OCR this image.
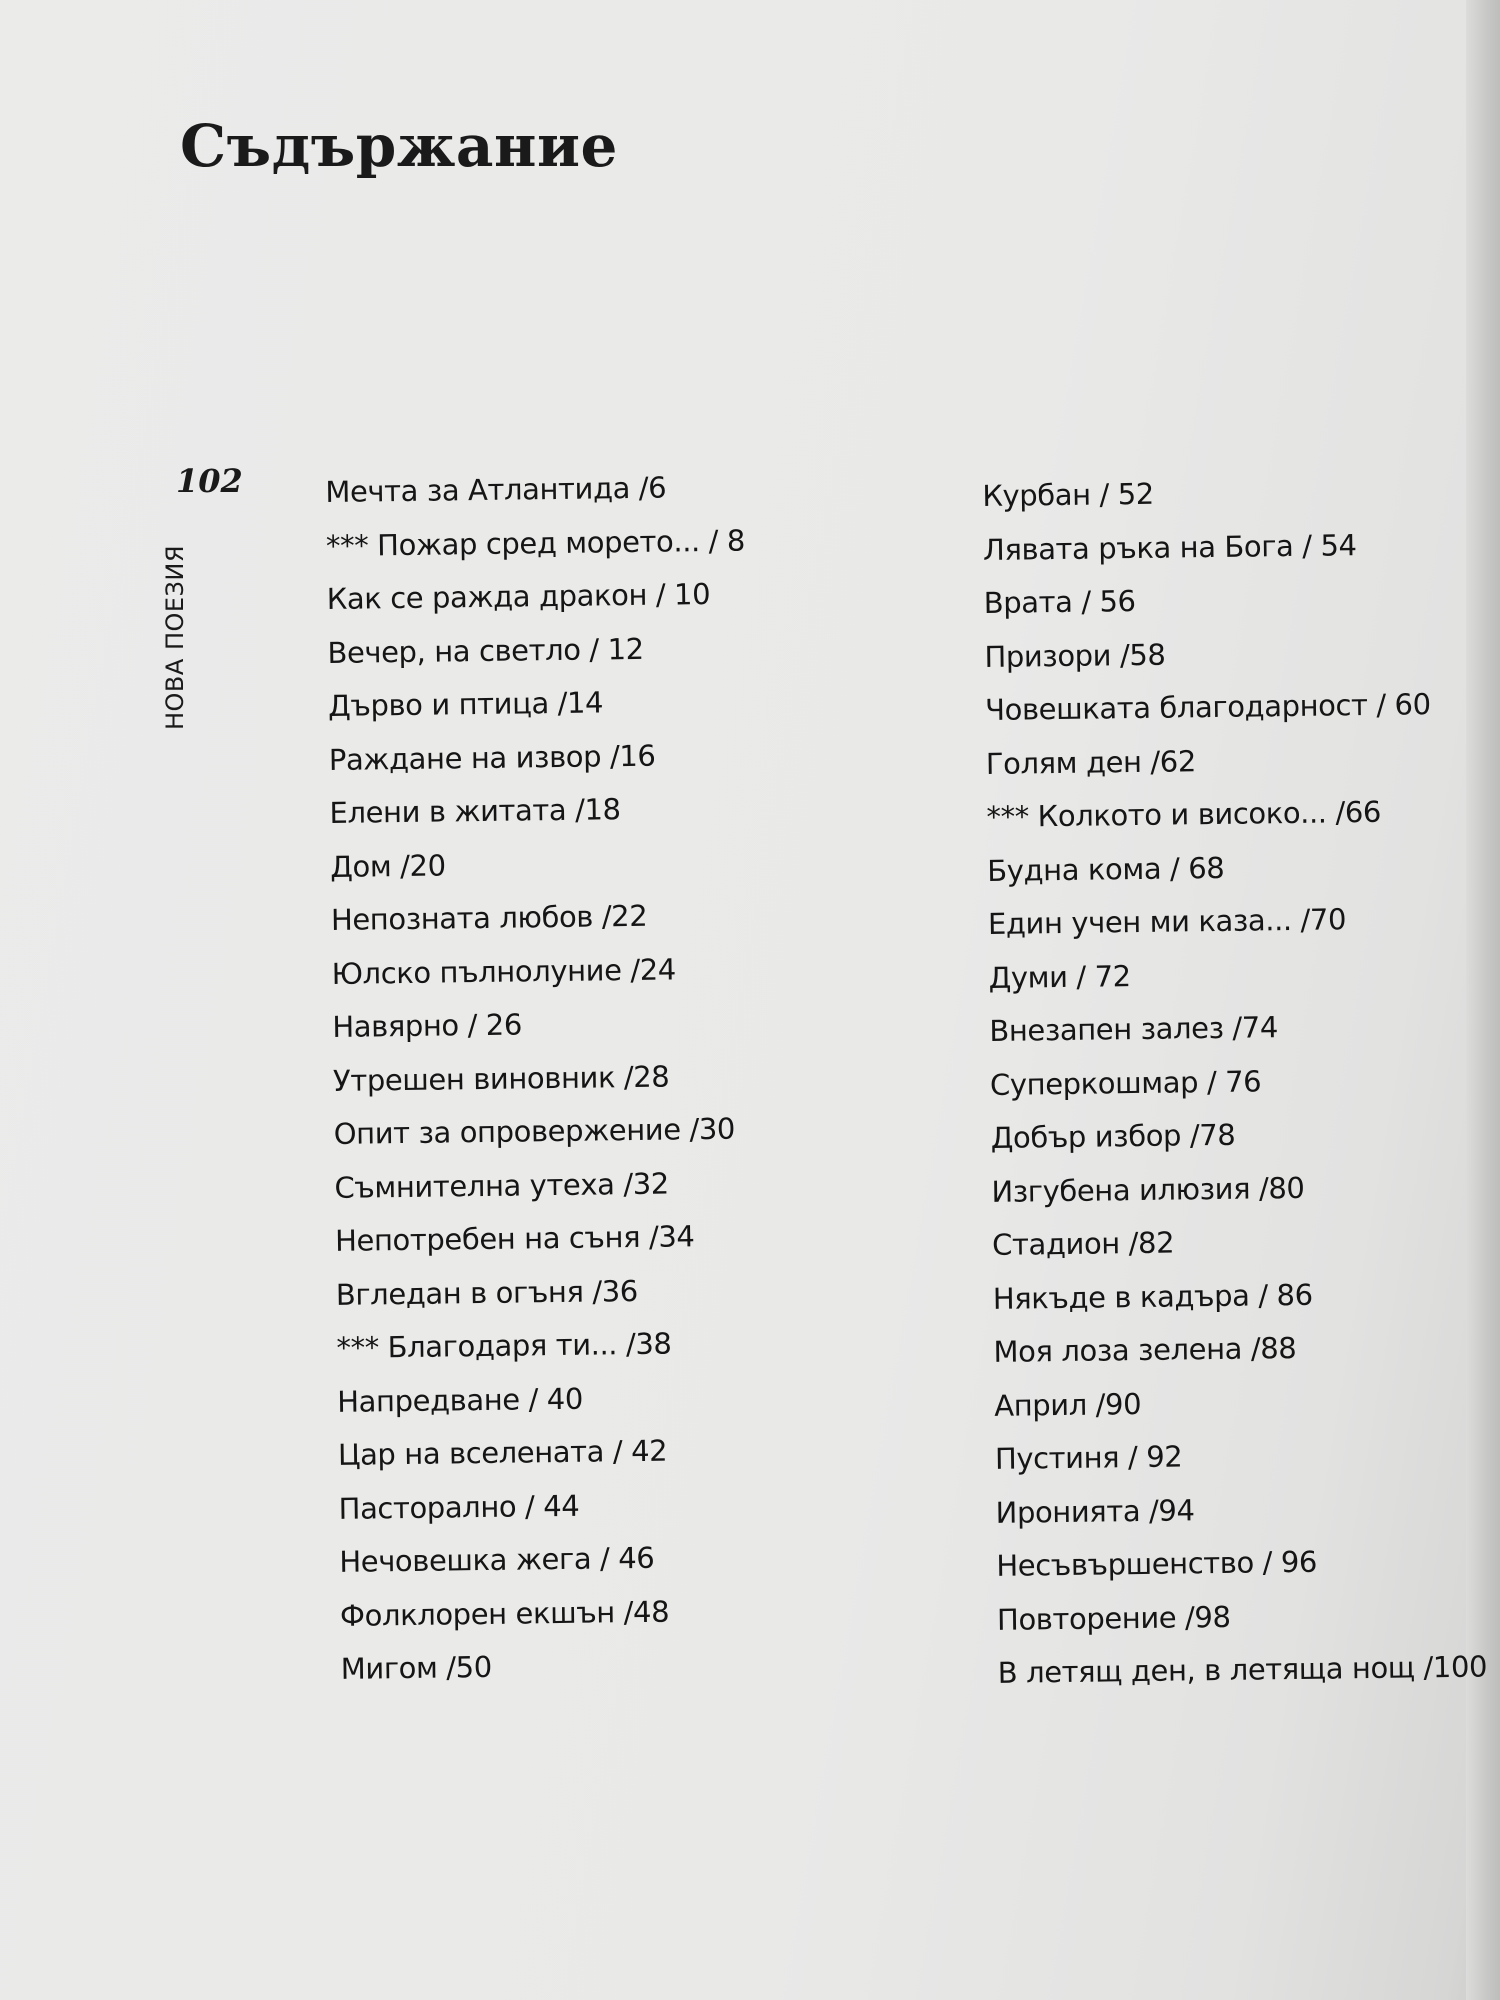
Съдържание
102
НОВА ПОЕЗИЯ
Мечта за Атлантида /6
*** Пожар сред морето... / 8
Как се ражда дракон / 10
Вечер, на светло / 12
Дърво и птица /14
Раждане на извор /16
Елени в житата /18
Дом /20
Непозната любов /22
Юлско пълнолуние /24
Навярно / 26
Утрешен виновник /28
Опит за опровержение /30
Съмнителна утеха /32
Непотребен на съня /34
Вгледан в огъня /36
*** Благодаря ти... /38
Напредване / 40
Цар на вселената / 42
Пасторално / 44
Нечовешка жега / 46
Фолклорен екшън /48
Мигом /50
Курбан / 52
Лявата ръка на Бога / 54
Врата / 56
Призори /58
Човешката благодарност / 60
Голям ден /62
*** Колкото и високо... /66
Будна кома / 68
Един учен ми каза... /70
Думи / 72
Внезапен залез /74
Суперкошмар / 76
Добър избор /78
Изгубена илюзия /80
Стадион /82
Някъде в кадъра / 86
Моя лоза зелена /88
Април /90
Пустиня / 92
Иронията /94
Несъвършенство / 96
Повторение /98
В летящ ден, в летяща нощ /100
